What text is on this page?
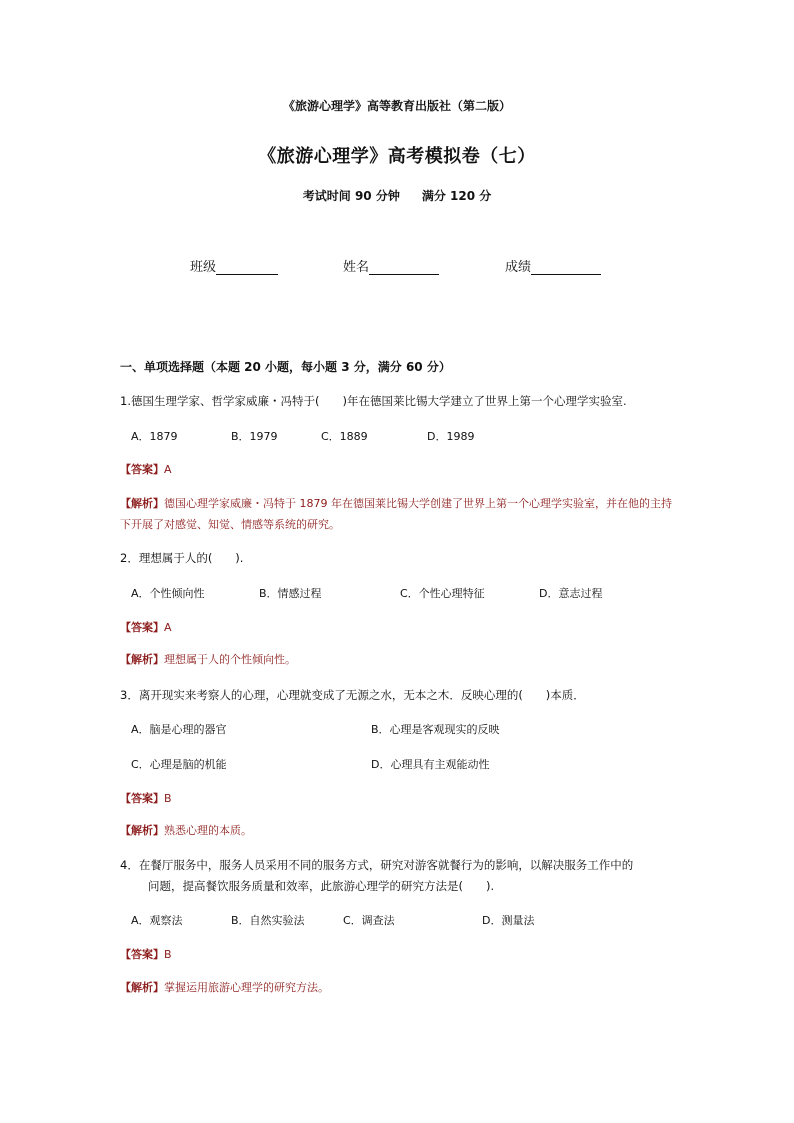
《旅游心理学》高等教育出版社（第二版）
《旅游心理学》高考模拟卷（七）
考试时间 90 分钟 满分 120 分
班级	姓名	成绩
一、单项选择题（本题 20 小题，每小题 3 分，满分 60 分）
1.德国生理学家、哲学家威廉・冯特于(　　)年在德国莱比锡大学建立了世界上第一个心理学实验室.
A．1879	B．1979	C．1889	D．1989
【答案】A
【解析】德国心理学家威廉・冯特于 1879 年在德国莱比锡大学创建了世界上第一个心理学实验室，并在他的主持下开展了对感觉、知觉、情感等系统的研究。
2．理想属于人的(　　).
A．个性倾向性	B．情感过程	C．个性心理特征	D．意志过程
【答案】A
【解析】理想属于人的个性倾向性。
3．离开现实来考察人的心理，心理就变成了无源之水，无本之木．反映心理的(　　)本质．
A．脑是心理的器官	B．心理是客观现实的反映
C．心理是脑的机能	D．心理具有主观能动性
【答案】B
【解析】熟悉心理的本质。
4．在餐厅服务中，服务人员采用不同的服务方式，研究对游客就餐行为的影响，以解决服务工作中的
问题，提高餐饮服务质量和效率，此旅游心理学的研究方法是(　　).
A．观察法	B．自然实验法	C．调查法	D．测量法
【答案】B
【解析】掌握运用旅游心理学的研究方法。
